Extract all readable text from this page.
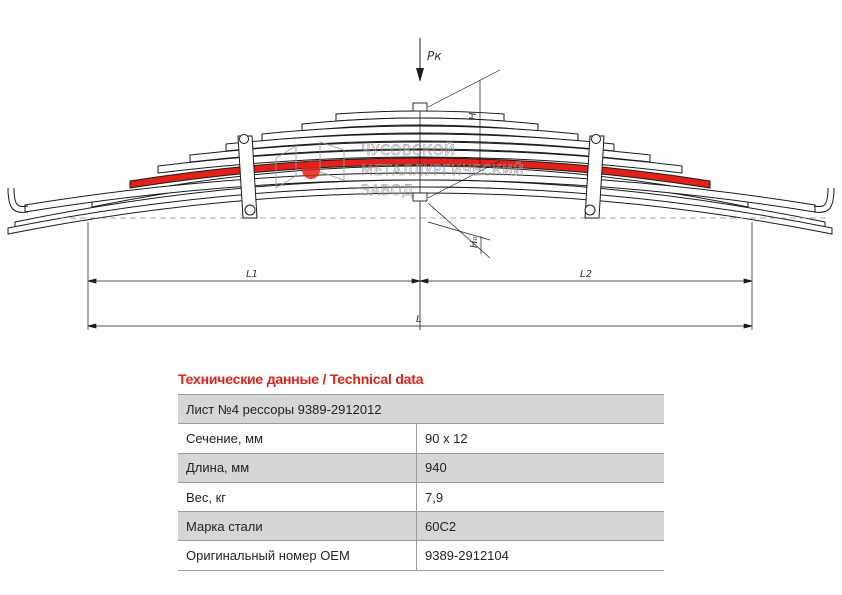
Pк
H
H₀
ЧУСОВСКОЙ
МЕТАЛЛУРГИЧЕСКИЙ
ЗАВОД
L1	L2
L
Технические данные / Technical data
Лист №4 рессоры 9389-2912012	
Сечение, мм	90 x 12
Длина, мм	940
Вес, кг	7,9
Марка стали	60С2
Оригинальный номер OEM	9389-2912104
